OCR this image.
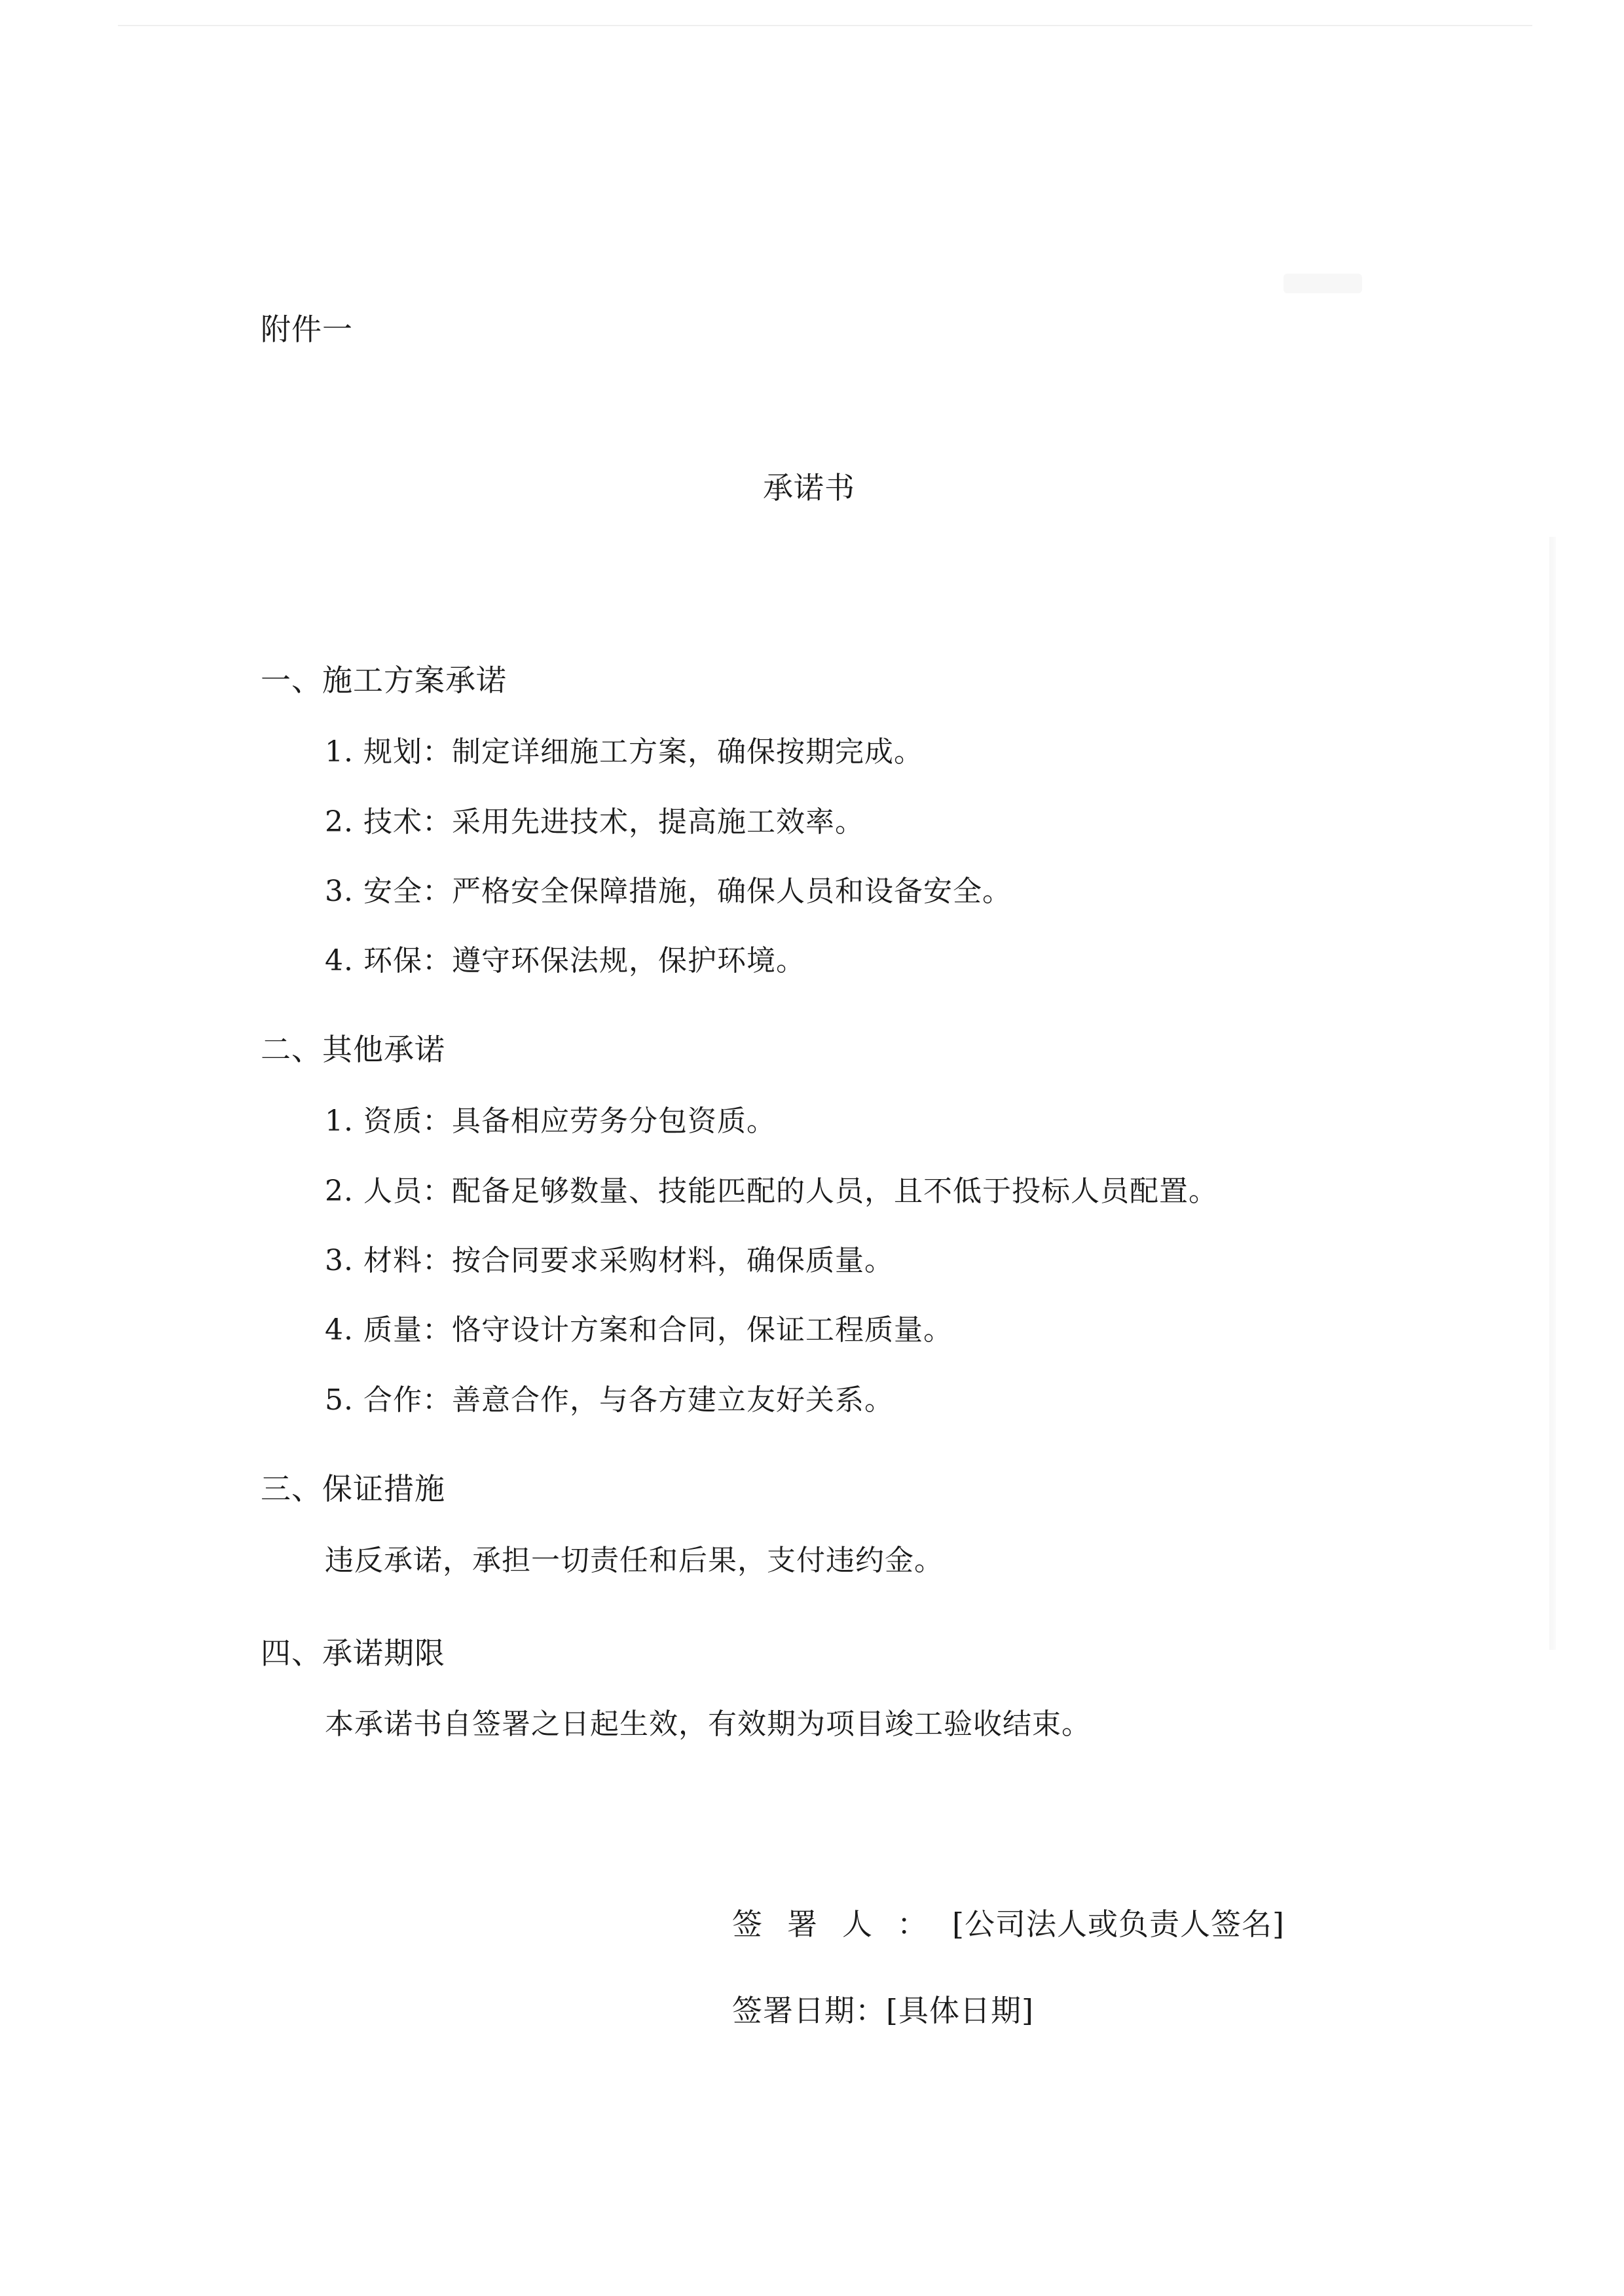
附件一
承诺书
一、施工方案承诺
1. 规划：制定详细施工方案，确保按期完成。
2. 技术：采用先进技术，提高施工效率。
3. 安全：严格安全保障措施，确保人员和设备安全。
4. 环保：遵守环保法规，保护环境。
二、其他承诺
1. 资质：具备相应劳务分包资质。
2. 人员：配备足够数量、技能匹配的人员，且不低于投标人员配置。
3. 材料：按合同要求采购材料，确保质量。
4. 质量：恪守设计方案和合同，保证工程质量。
5. 合作：善意合作，与各方建立友好关系。
三、保证措施
违反承诺，承担一切责任和后果，支付违约金。
四、承诺期限
本承诺书自签署之日起生效，有效期为项目竣工验收结束。
签署人：[公司法人或负责人签名]
签署日期：[具体日期]
